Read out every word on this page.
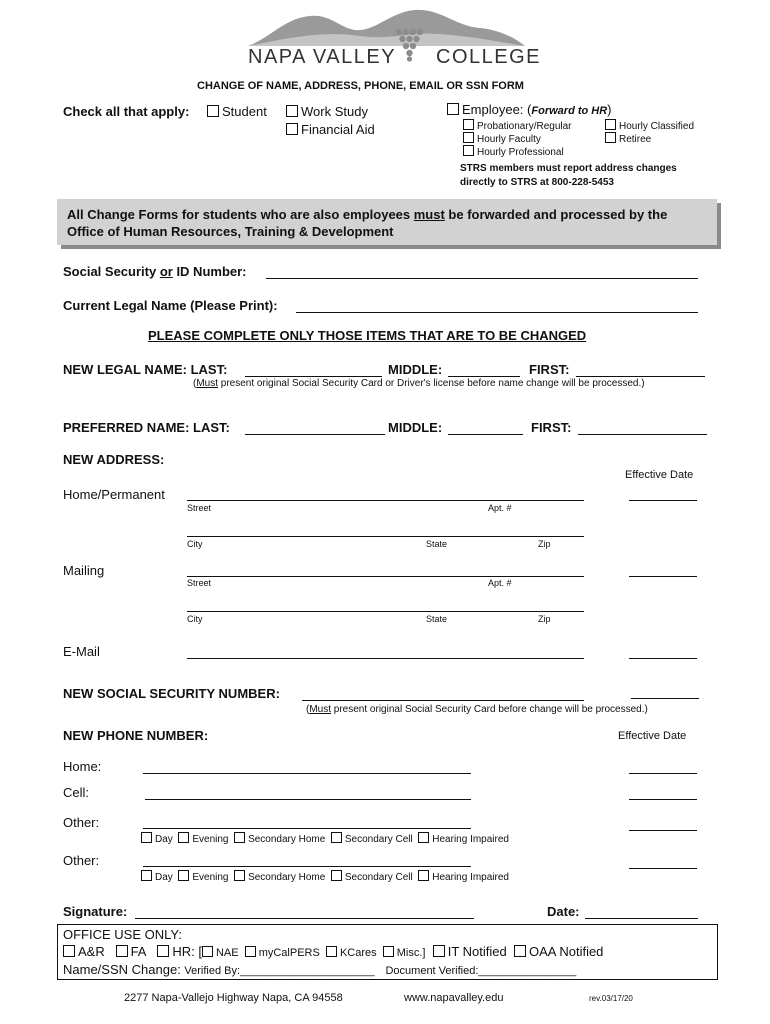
NAPA VALLEY COLLEGE
CHANGE OF NAME, ADDRESS, PHONE, EMAIL OR SSN FORM
Check all that apply:	Student	Work Study
Financial Aid
Employee: (Forward to HR)
Probationary/Regular	Hourly Classified
Hourly Faculty	Retiree
Hourly Professional
STRS members must report address changes
directly to STRS at 800-228-5453
All Change Forms for students who are also employees must be forwarded and processed by the
Office of Human Resources, Training & Development
Social Security or ID Number:
Current Legal Name (Please Print):
PLEASE COMPLETE ONLY THOSE ITEMS THAT ARE TO BE CHANGED
NEW LEGAL NAME: LAST:	MIDDLE:	FIRST:
(Must present original Social Security Card or Driver's license before name change will be processed.)
PREFERRED NAME: LAST:	MIDDLE:	FIRST:
NEW ADDRESS:
Effective Date
Home/Permanent
Street	Apt. #
City	State	Zip
Mailing
Street	Apt. #
City	State	Zip
E-Mail
NEW SOCIAL SECURITY NUMBER:
(Must present original Social Security Card before change will be processed.)
NEW PHONE NUMBER:	Effective Date
Home:
Cell:
Other:
Day Evening Secondary Home Secondary Cell Hearing Impaired
Other:
Day Evening Secondary Home Secondary Cell Hearing Impaired
Signature:	Date:
OFFICE USE ONLY:
A&R FA HR: [ NAE myCalPERS KCares Misc.] IT Notified OAA Notified
Name/SSN Change: Verified By:______________________ Document Verified:________________
2277 Napa-Vallejo Highway Napa, CA 94558	www.napavalley.edu	rev.03/17/20
